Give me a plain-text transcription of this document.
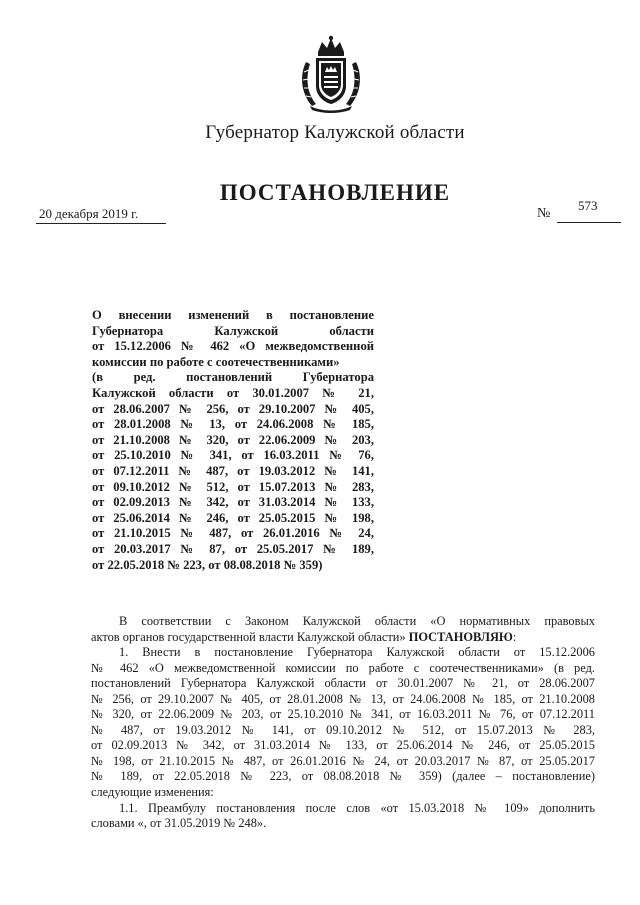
Губернатор Калужской области
ПОСТАНОВЛЕНИЕ
20 декабря 2019 г.	№
573
О внесении изменений в постановление
Губернатора Калужской области
от 15.12.2006 № 462 «О межведомственной
комиссии по работе с соотечественниками»
(в ред. постановлений Губернатора
Калужской области от 30.01.2007 № 21,
от 28.06.2007 № 256, от 29.10.2007 № 405,
от 28.01.2008 № 13, от 24.06.2008 № 185,
от 21.10.2008 № 320, от 22.06.2009 № 203,
от 25.10.2010 № 341, от 16.03.2011 № 76,
от 07.12.2011 № 487, от 19.03.2012 № 141,
от 09.10.2012 № 512, от 15.07.2013 № 283,
от 02.09.2013 № 342, от 31.03.2014 № 133,
от 25.06.2014 № 246, от 25.05.2015 № 198,
от 21.10.2015 № 487, от 26.01.2016 № 24,
от 20.03.2017 № 87, от 25.05.2017 № 189,
от 22.05.2018 № 223, от 08.08.2018 № 359)
В соответствии с Законом Калужской области «О нормативных правовых
актов органов государственной власти Калужской области» ПОСТАНОВЛЯЮ:
1. Внести в постановление Губернатора Калужской области от 15.12.2006
№ 462 «О межведомственной комиссии по работе с соотечественниками» (в ред.
постановлений Губернатора Калужской области от 30.01.2007 № 21, от 28.06.2007
№ 256, от 29.10.2007 № 405, от 28.01.2008 № 13, от 24.06.2008 № 185, от 21.10.2008
№ 320, от 22.06.2009 № 203, от 25.10.2010 № 341, от 16.03.2011 № 76, от 07.12.2011
№ 487, от 19.03.2012 № 141, от 09.10.2012 № 512, от 15.07.2013 № 283,
от 02.09.2013 № 342, от 31.03.2014 № 133, от 25.06.2014 № 246, от 25.05.2015
№ 198, от 21.10.2015 № 487, от 26.01.2016 № 24, от 20.03.2017 № 87, от 25.05.2017
№ 189, от 22.05.2018 № 223, от 08.08.2018 № 359) (далее – постановление)
следующие изменения:
1.1. Преамбулу постановления после слов «от 15.03.2018 № 109» дополнить
словами «, от 31.05.2019 № 248».
